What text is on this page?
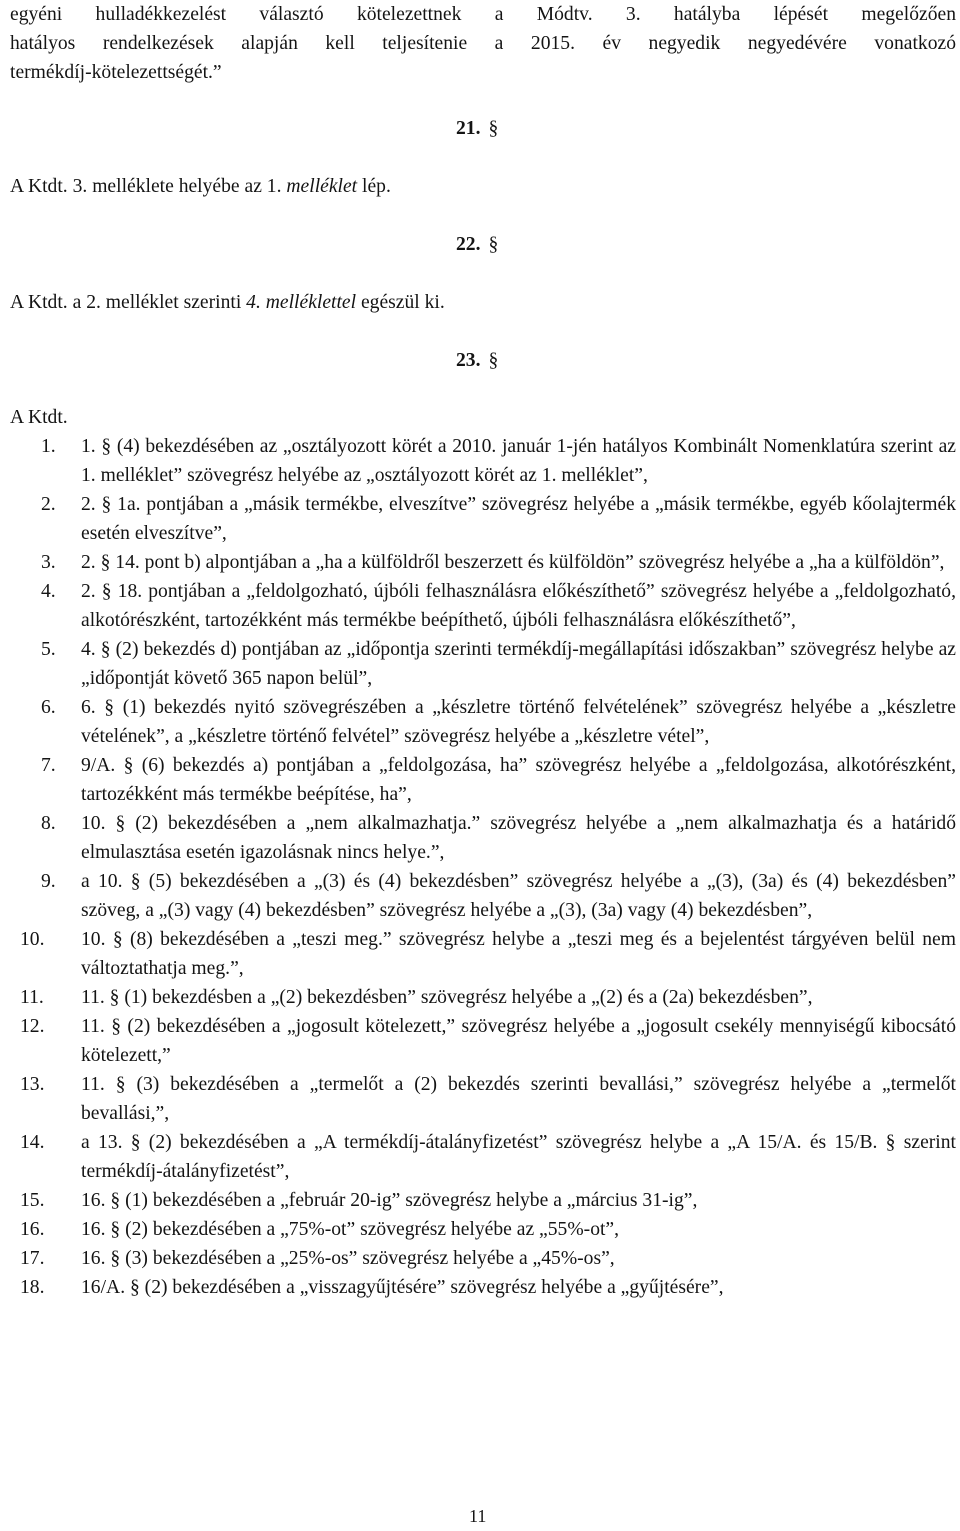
egyéni hulladékkezelést választó kötelezettnek a Módtv. 3. hatályba lépését megelőzően
hatályos rendelkezések alapján kell teljesítenie a 2015. év negyedik negyedévére vonatkozó
termékdíj-kötelezettségét.”
21. §
A Ktdt. 3. melléklete helyébe az 1. melléklet lép.
22. §
A Ktdt. a 2. melléklet szerinti 4. melléklettel egészül ki.
23. §
A Ktdt.
1. 1. § (4) bekezdésében az „osztályozott körét a 2010. január 1-jén hatályos Kombinált Nomenklatúra szerint az 1. melléklet” szövegrész helyébe az „osztályozott körét az 1. melléklet”,
2. 2. § 1a. pontjában a „másik termékbe, elveszítve” szövegrész helyébe a „másik termékbe, egyéb kőolajtermék esetén elveszítve”,
3. 2. § 14. pont b) alpontjában a „ha a külföldről beszerzett és külföldön” szövegrész helyébe a „ha a külföldön”,
4. 2. § 18. pontjában a „feldolgozható, újbóli felhasználásra előkészíthető” szövegrész helyébe a „feldolgozható, alkotórészként, tartozékként más termékbe beépíthető, újbóli felhasználásra előkészíthető”,
5. 4. § (2) bekezdés d) pontjában az „időpontja szerinti termékdíj-megállapítási időszakban” szövegrész helybe az „időpontját követő 365 napon belül”,
6. 6. § (1) bekezdés nyitó szövegrészében a „készletre történő felvételének” szövegrész helyébe a „készletre vételének”, a „készletre történő felvétel” szövegrész helyébe a „készletre vétel”,
7. 9/A. § (6) bekezdés a) pontjában a „feldolgozása, ha” szövegrész helyébe a „feldolgozása, alkotórészként, tartozékként más termékbe beépítése, ha”,
8. 10. § (2) bekezdésében a „nem alkalmazhatja.” szövegrész helyébe a „nem alkalmazhatja és a határidő elmulasztása esetén igazolásnak nincs helye.”,
9. a 10. § (5) bekezdésében a „(3) és (4) bekezdésben” szövegrész helyébe a „(3), (3a) és (4) bekezdésben” szöveg, a „(3) vagy (4) bekezdésben” szövegrész helyébe a „(3), (3a) vagy (4) bekezdésben”,
10. 10. § (8) bekezdésében a „teszi meg.” szövegrész helybe a „teszi meg és a bejelentést tárgyéven belül nem változtathatja meg.”,
11. 11. § (1) bekezdésben a „(2) bekezdésben” szövegrész helyébe a „(2) és a (2a) bekezdésben”,
12. 11. § (2) bekezdésében a „jogosult kötelezett,” szövegrész helyébe a „jogosult csekély mennyiségű kibocsátó kötelezett,”
13. 11. § (3) bekezdésében a „termelőt a (2) bekezdés szerinti bevallási,” szövegrész helyébe a „termelőt bevallási,”,
14. a 13. § (2) bekezdésében a „A termékdíj-átalányfizetést” szövegrész helybe a „A 15/A. és 15/B. § szerint termékdíj-átalányfizetést”,
15. 16. § (1) bekezdésében a „február 20-ig” szövegrész helybe a „március 31-ig”,
16. 16. § (2) bekezdésében a „75%-ot” szövegrész helyébe az „55%-ot”,
17. 16. § (3) bekezdésében a „25%-os” szövegrész helyébe a „45%-os”,
18. 16/A. § (2) bekezdésében a „visszagyűjtésére” szövegrész helyébe a „gyűjtésére”,
11
